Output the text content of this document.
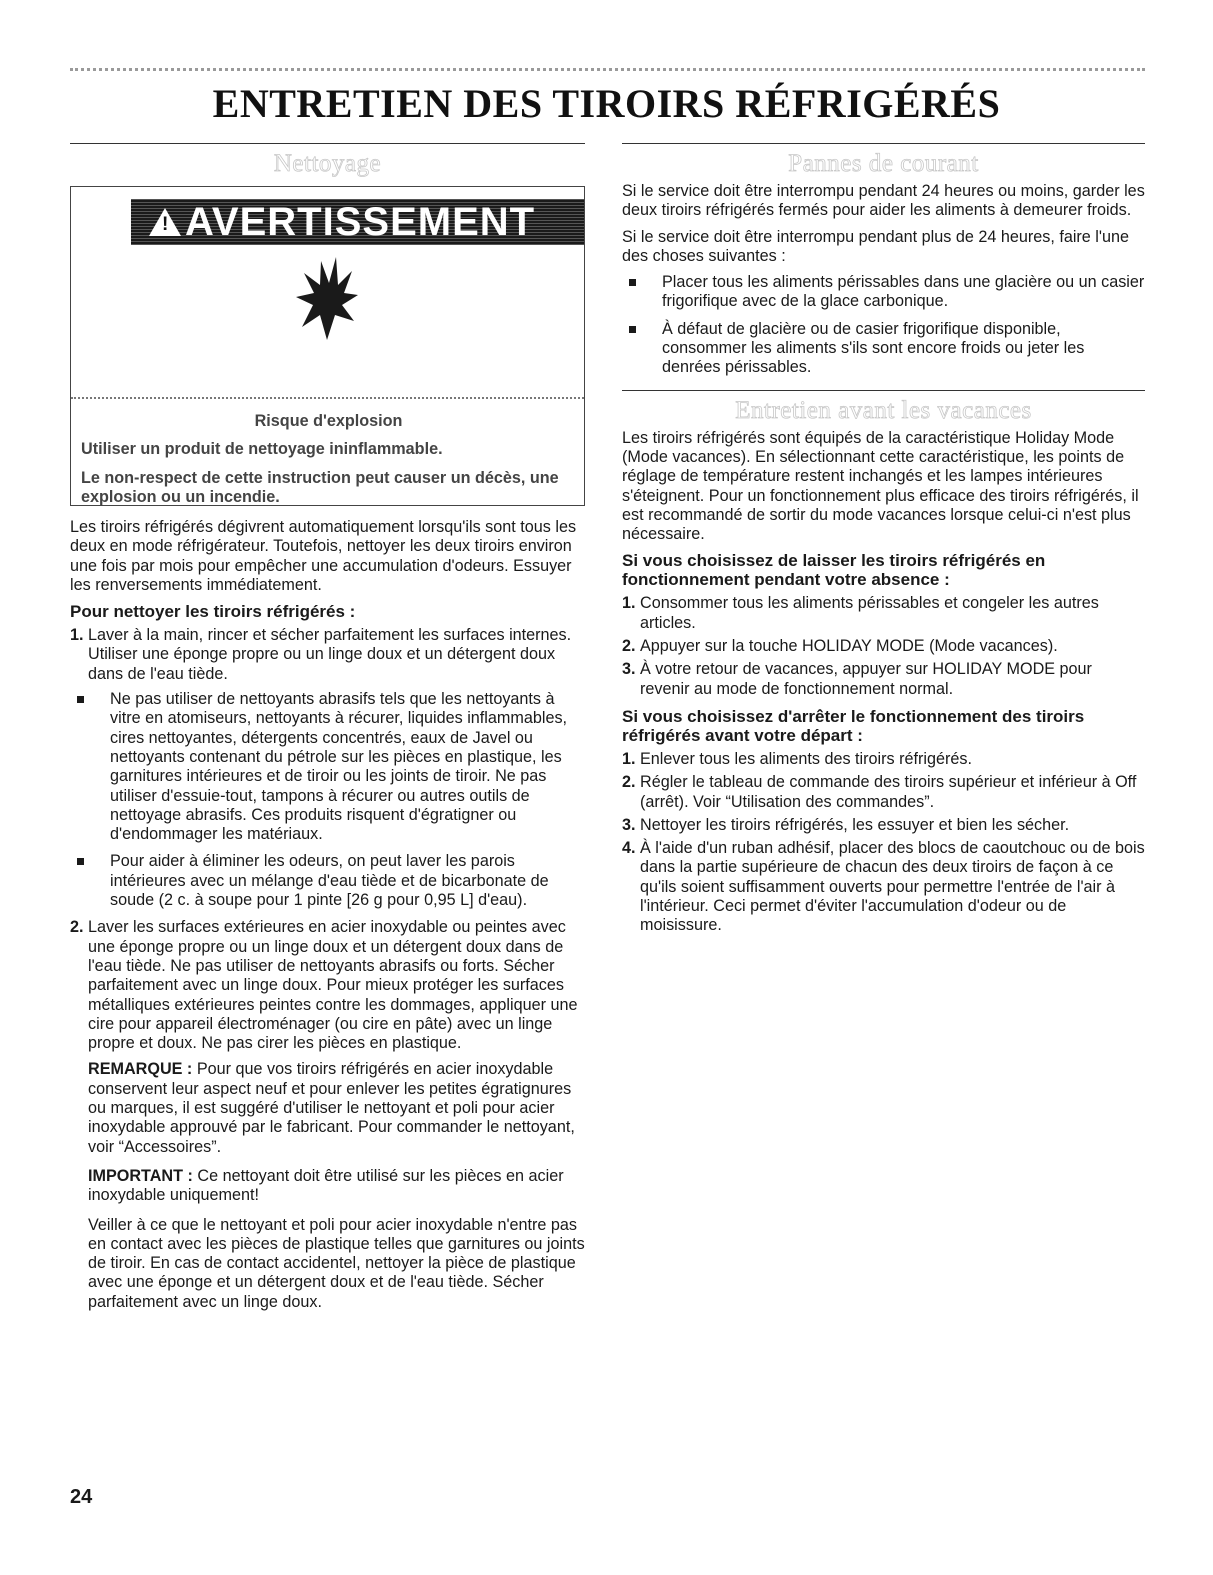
ENTRETIEN DES TIROIRS RÉFRIGÉRÉS
Nettoyage
! AVERTISSEMENT

Risque d'explosion

Utiliser un produit de nettoyage ininflammable.

Le non-respect de cette instruction peut causer un décès, une explosion ou un incendie.

Les tiroirs réfrigérés dégivrent automatiquement lorsqu'ils sont tous les deux en mode réfrigérateur. Toutefois, nettoyer les deux tiroirs environ une fois par mois pour empêcher une accumulation d'odeurs. Essuyer les renversements immédiatement.

Pour nettoyer les tiroirs réfrigérés :
1. Laver à la main, rincer et sécher parfaitement les surfaces internes. Utiliser une éponge propre ou un linge doux et un détergent doux dans de l'eau tiède.
Ne pas utiliser de nettoyants abrasifs tels que les nettoyants à vitre en atomiseurs, nettoyants à récurer, liquides inflammables, cires nettoyantes, détergents concentrés, eaux de Javel ou nettoyants contenant du pétrole sur les pièces en plastique, les garnitures intérieures et de tiroir ou les joints de tiroir. Ne pas utiliser d'essuie-tout, tampons à récurer ou autres outils de nettoyage abrasifs. Ces produits risquent d'égratigner ou d'endommager les matériaux.
Pour aider à éliminer les odeurs, on peut laver les parois intérieures avec un mélange d'eau tiède et de bicarbonate de soude (2 c. à soupe pour 1 pinte [26 g pour 0,95 L] d'eau).
2. Laver les surfaces extérieures en acier inoxydable ou peintes avec une éponge propre ou un linge doux et un détergent doux dans de l'eau tiède. Ne pas utiliser de nettoyants abrasifs ou forts. Sécher parfaitement avec un linge doux. Pour mieux protéger les surfaces métalliques extérieures peintes contre les dommages, appliquer une cire pour appareil électroménager (ou cire en pâte) avec un linge propre et doux. Ne pas cirer les pièces en plastique.

REMARQUE : Pour que vos tiroirs réfrigérés en acier inoxydable conservent leur aspect neuf et pour enlever les petites égratignures ou marques, il est suggéré d'utiliser le nettoyant et poli pour acier inoxydable approuvé par le fabricant. Pour commander le nettoyant, voir “Accessoires”.

IMPORTANT : Ce nettoyant doit être utilisé sur les pièces en acier inoxydable uniquement!

Veiller à ce que le nettoyant et poli pour acier inoxydable n'entre pas en contact avec les pièces de plastique telles que garnitures ou joints de tiroir. En cas de contact accidentel, nettoyer la pièce de plastique avec une éponge et un détergent doux et de l'eau tiède. Sécher parfaitement avec un linge doux.

Pannes de courant

Si le service doit être interrompu pendant 24 heures ou moins, garder les deux tiroirs réfrigérés fermés pour aider les aliments à demeurer froids.

Si le service doit être interrompu pendant plus de 24 heures, faire l'une des choses suivantes :

Placer tous les aliments périssables dans une glacière ou un casier frigorifique avec de la glace carbonique.
À défaut de glacière ou de casier frigorifique disponible, consommer les aliments s'ils sont encore froids ou jeter les denrées périssables.
Entretien avant les vacances

Les tiroirs réfrigérés sont équipés de la caractéristique Holiday Mode (Mode vacances). En sélectionnant cette caractéristique, les points de réglage de température restent inchangés et les lampes intérieures s'éteignent. Pour un fonctionnement plus efficace des tiroirs réfrigérés, il est recommandé de sortir du mode vacances lorsque celui-ci n'est plus nécessaire.

Si vous choisissez de laisser les tiroirs réfrigérés en fonctionnement pendant votre absence :
1. Consommer tous les aliments périssables et congeler les autres articles.
2. Appuyer sur la touche HOLIDAY MODE (Mode vacances).
3. À votre retour de vacances, appuyer sur HOLIDAY MODE pour revenir au mode de fonctionnement normal.
Si vous choisissez d'arrêter le fonctionnement des tiroirs réfrigérés avant votre départ :
1. Enlever tous les aliments des tiroirs réfrigérés.
2. Régler le tableau de commande des tiroirs supérieur et inférieur à Off (arrêt). Voir “Utilisation des commandes”.
3. Nettoyer les tiroirs réfrigérés, les essuyer et bien les sécher.
4. À l'aide d'un ruban adhésif, placer des blocs de caoutchouc ou de bois dans la partie supérieure de chacun des deux tiroirs de façon à ce qu'ils soient suffisamment ouverts pour permettre l'entrée de l'air à l'intérieur. Ceci permet d'éviter l'accumulation d'odeur ou de moisissure.
24
